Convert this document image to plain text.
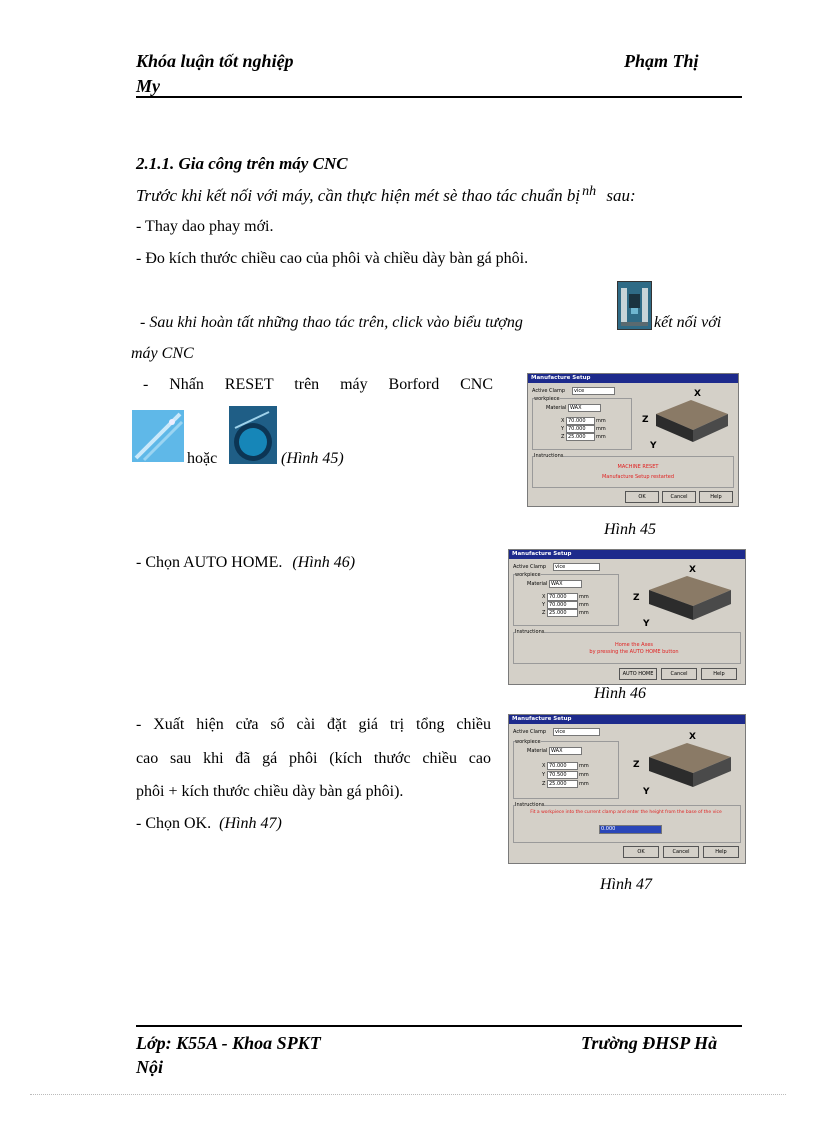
Khóa luận tốt nghiệp	Phạm Thị
My
2.1.1. Gia công trên máy CNC
Trước khi kết nối với máy, cần thực hiện mét sè thao tác chuẩn bị $^{nh}$ sau:
- Thay dao phay mới.
- Đo kích thước chiều cao của phôi và chiều dày bàn gá phôi.
- Sau khi hoàn tất những thao tác trên, click vào biểu tượng	kết nối với
máy CNC
- Nhấn RESET trên máy Borford CNC
hoặc	(Hình 45)
Manufacture Setup
Active Clamp	vice
workpiece
Material WAX
X 70.000	mm
Y 70.000	mm
Z 25.000	mm
X
Z
Y
Instructions
MACHINE RESET
Manufacture Setup restarted
OK	Cancel	Help
Hình 45
- Chọn AUTO HOME. (Hình 46)	Manufacture Setup
Active Clamp	vice
workpiece
Material WAX
X 70.000	mm
Y 70.000	mm
Z 25.000	mm
X
Z
Y
Instructions
Home the Axes
by pressing the AUTO HOME button
AUTO HOME	Cancel	Help
Hình 46
- Xuất hiện cửa sổ cài đặt giá trị tổng chiều
cao sau khi đã gá phôi (kích thước chiều cao
phôi + kích thước chiều dày bàn gá phôi).
- Chọn OK. (Hình 47)
Manufacture Setup
Active Clamp	vice
workpiece
Material WAX
X 70.000	mm
Y 70.500	mm
Z 25.000	mm
X
Z
Y
Instructions
Fit a workpiece into the current clamp and enter the height from the base of the vice
0.000
OK	Cancel	Help
Hình 47
Lớp: K55A - Khoa SPKT	Trường ĐHSP Hà
Nội
